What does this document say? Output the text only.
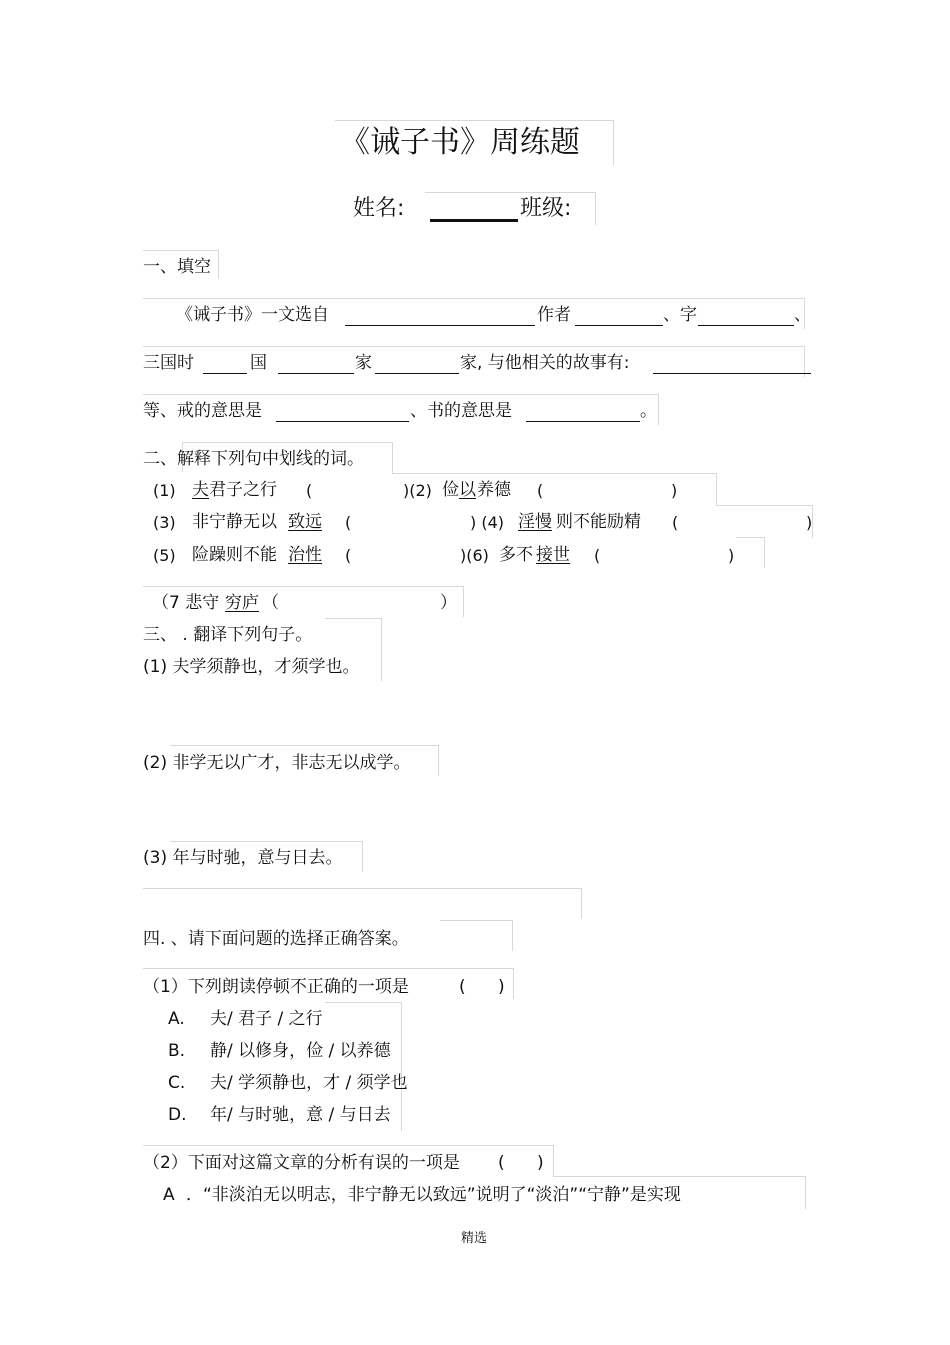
《诫子书》周练题
姓名:	班级:
一、填空
《诫子书》一文选自	作者	、字	、
三国时	国	家	家, 与他相关的故事有:
等、戒的意思是	、书的意思是	。
二、解释下列句中划线的词。
(1) 夫 君子之行 (	)(2) 俭 以 养德 (	)
(3) 非宁静无以 致远 (	) (4) 淫慢 则不能励精 (	)
(5) 险躁则不能 治性 (	)(6) 多不 接世 (	)
（7 悲守 穷庐 （	）
三、 . 翻译下列句子。
(1) 夫学须静也，才须学也。
(2) 非学无以广才，非志无以成学。
(3) 年与时驰，意与日去。
四. 、请下面问题的选择正确答案。
（1）下列朗读停顿不正确的一项是	(      )
A. 夫/ 君子 / 之行
B. 静/ 以修身，俭 / 以养德
C. 夫/ 学须静也，才 / 须学也
D. 年/ 与时驰，意 / 与日去
（2）下面对这篇文章的分析有误的一项是 (      )
A ．“非淡泊无以明志，非宁静无以致远”说明了“淡泊”“宁静”是实现
精选
